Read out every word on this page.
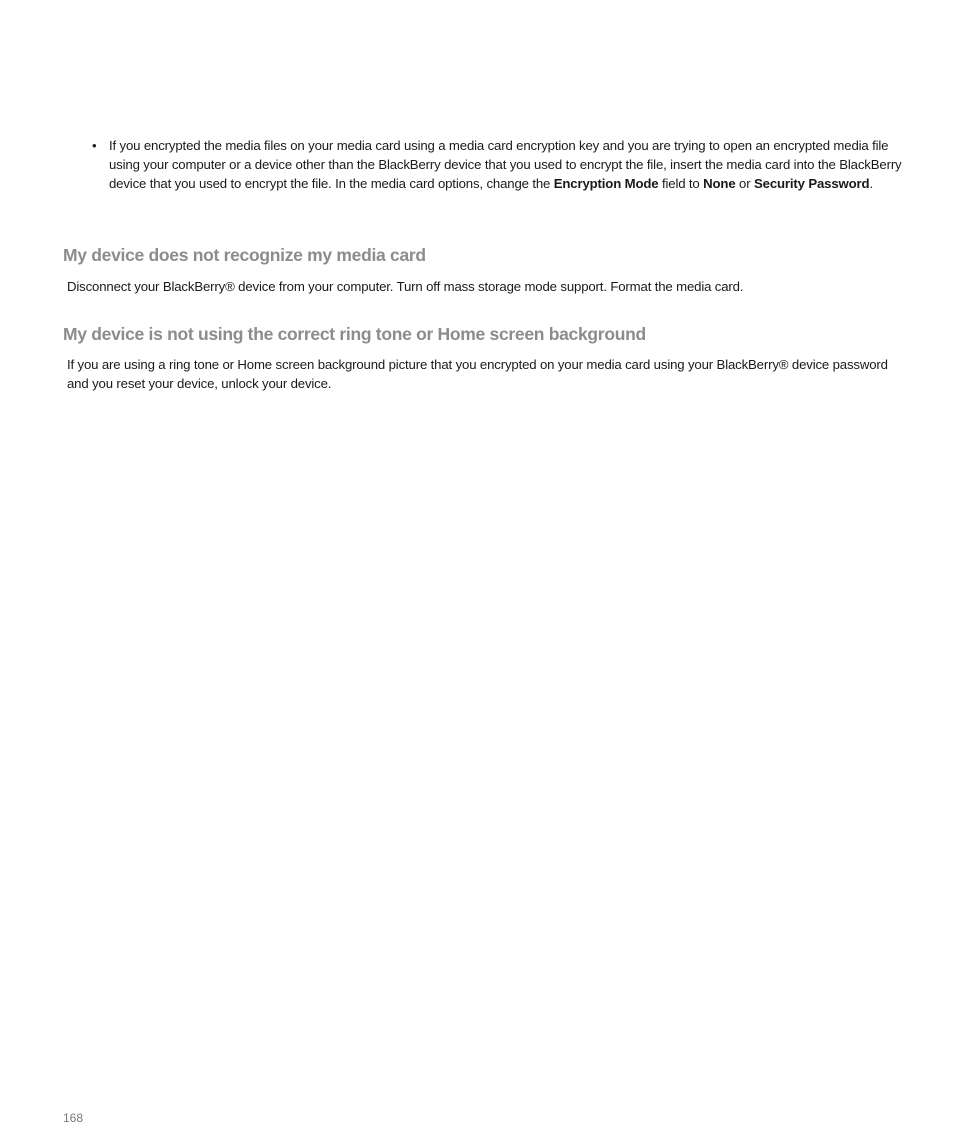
• If you encrypted the media files on your media card using a media card encryption key and you are trying to open an encrypted media file using your computer or a device other than the BlackBerry device that you used to encrypt the file, insert the media card into the BlackBerry device that you used to encrypt the file. In the media card options, change the Encryption Mode field to None or Security Password.
My device does not recognize my media card

Disconnect your BlackBerry® device from your computer. Turn off mass storage mode support. Format the media card.

My device is not using the correct ring tone or Home screen background

If you are using a ring tone or Home screen background picture that you encrypted on your media card using your BlackBerry® device password and you reset your device, unlock your device.

168
